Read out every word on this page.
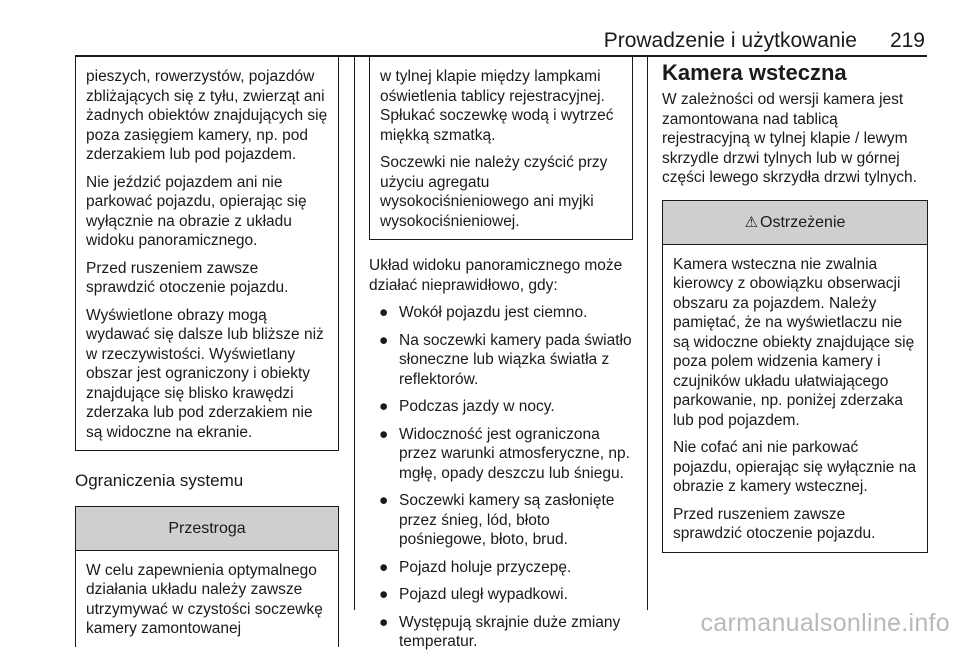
Prowadzenie i użytkowanie 219

pieszych, rowerzystów, pojazdów zbliżających się z tyłu, zwierząt ani żadnych obiektów znajdujących się poza zasięgiem kamery, np. pod zderzakiem lub pod pojazdem.

Nie jeździć pojazdem ani nie parkować pojazdu, opierając się wyłącznie na obrazie z układu widoku panoramicznego.

Przed ruszeniem zawsze sprawdzić otoczenie pojazdu.

Wyświetlone obrazy mogą wydawać się dalsze lub bliższe niż w rzeczywistości. Wyświetlany obszar jest ograniczony i obiekty znajdujące się blisko krawędzi zderzaka lub pod zderzakiem nie są widoczne na ekranie.

Ograniczenia systemu
Przestroga

W celu zapewnienia optymalnego działania układu należy zawsze utrzymywać w czystości soczewkę kamery zamontowanej

w tylnej klapie między lampkami oświetlenia tablicy rejestracyjnej. Spłukać soczewkę wodą i wytrzeć miękką szmatką.

Soczewki nie należy czyścić przy użyciu agregatu wysokociśnieniowego ani myjki wysokociśnieniowej.

Układ widoku panoramicznego może działać nieprawidłowo, gdy:

● Wokół pojazdu jest ciemno.
● Na soczewki kamery pada światło słoneczne lub wiązka światła z reflektorów.
● Podczas jazdy w nocy.
● Widoczność jest ograniczona przez warunki atmosferyczne, np. mgłę, opady deszczu lub śniegu.
● Soczewki kamery są zasłonięte przez śnieg, lód, błoto pośniegowe, błoto, brud.
● Pojazd holuje przyczepę.
● Pojazd uległ wypadkowi.
● Występują skrajnie duże zmiany temperatur.
Kamera wsteczna

W zależności od wersji kamera jest zamontowana nad tablicą rejestracyjną w tylnej klapie / lewym skrzydle drzwi tylnych lub w górnej części lewego skrzydła drzwi tylnych.

⚠ Ostrzeżenie

Kamera wsteczna nie zwalnia kierowcy z obowiązku obserwacji obszaru za pojazdem. Należy pamiętać, że na wyświetlaczu nie są widoczne obiekty znajdujące się poza polem widzenia kamery i czujników układu ułatwiającego parkowanie, np. poniżej zderzaka lub pod pojazdem.

Nie cofać ani nie parkować pojazdu, opierając się wyłącznie na obrazie z kamery wstecznej.

Przed ruszeniem zawsze sprawdzić otoczenie pojazdu.

carmanualsonline.info
